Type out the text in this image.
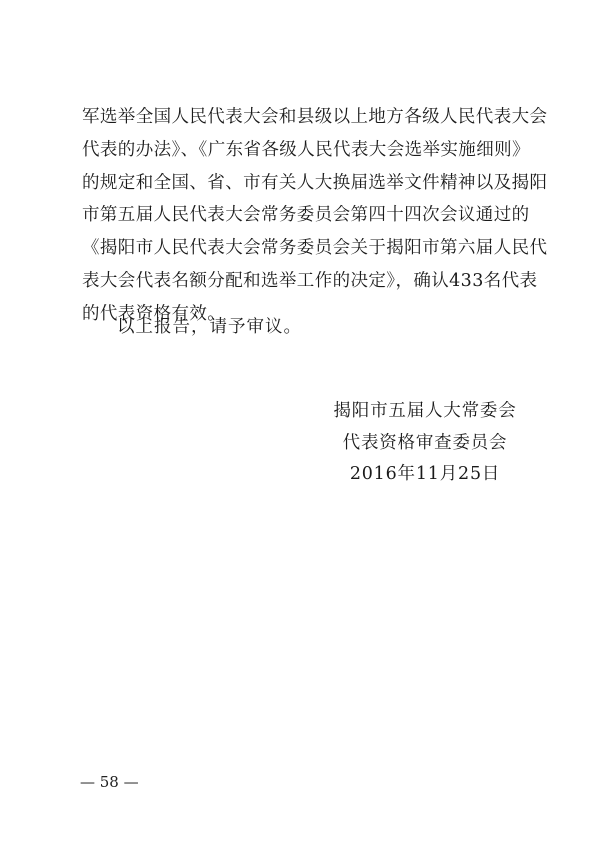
军选举全国人民代表大会和县级以上地方各级人民代表大会
代表的办法》、《广东省各级人民代表大会选举实施细则》
的规定和全国、省、市有关人大换届选举文件精神以及揭阳
市第五届人民代表大会常务委员会第四十四次会议通过的
《揭阳市人民代表大会常务委员会关于揭阳市第六届人民代
表大会代表名额分配和选举工作的决定》，确认433名代表
的代表资格有效。
以上报告，请予审议。
揭阳市五届人大常委会
代表资格审查委员会
2016年11月25日
— 58 —
